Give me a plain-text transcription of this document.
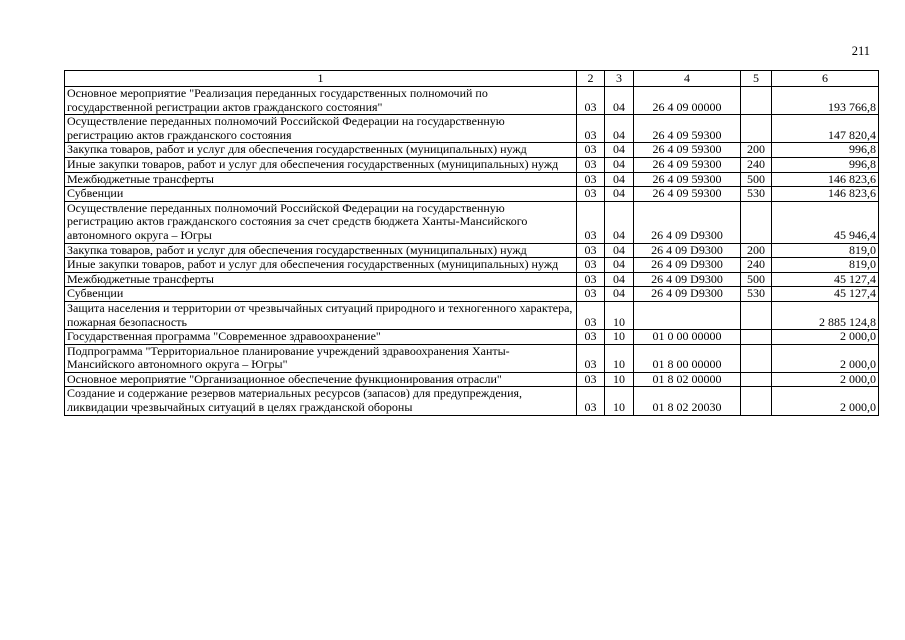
211
1	2	3	4	5	6
Основное мероприятие "Реализация переданных государственных полномочий по государственной регистрации актов гражданского состояния"	03	04	26 4 09 00000		193 766,8
Осуществление переданных полномочий Российской Федерации на государственную регистрацию актов гражданского состояния	03	04	26 4 09 59300		147 820,4
Закупка товаров, работ и услуг для обеспечения государственных (муниципальных) нужд	03	04	26 4 09 59300	200	996,8
Иные закупки товаров, работ и услуг для обеспечения государственных (муниципальных) нужд	03	04	26 4 09 59300	240	996,8
Межбюджетные трансферты	03	04	26 4 09 59300	500	146 823,6
Субвенции	03	04	26 4 09 59300	530	146 823,6
Осуществление переданных полномочий Российской Федерации на государственную регистрацию актов гражданского состояния за счет средств бюджета Ханты-Мансийского автономного округа – Югры	03	04	26 4 09 D9300		45 946,4
Закупка товаров, работ и услуг для обеспечения государственных (муниципальных) нужд	03	04	26 4 09 D9300	200	819,0
Иные закупки товаров, работ и услуг для обеспечения государственных (муниципальных) нужд	03	04	26 4 09 D9300	240	819,0
Межбюджетные трансферты	03	04	26 4 09 D9300	500	45 127,4
Субвенции	03	04	26 4 09 D9300	530	45 127,4
Защита населения и территории от чрезвычайных ситуаций природного и техногенного характера, пожарная безопасность	03	10			2 885 124,8
Государственная программа "Современное здравоохранение"	03	10	01 0 00 00000		2 000,0
Подпрограмма "Территориальное планирование учреждений здравоохранения Ханты-Мансийского автономного округа – Югры"	03	10	01 8 00 00000		2 000,0
Основное мероприятие "Организационное обеспечение функционирования отрасли"	03	10	01 8 02 00000		2 000,0
Создание и содержание резервов материальных ресурсов (запасов) для предупреждения, ликвидации чрезвычайных ситуаций в целях гражданской обороны	03	10	01 8 02 20030		2 000,0
